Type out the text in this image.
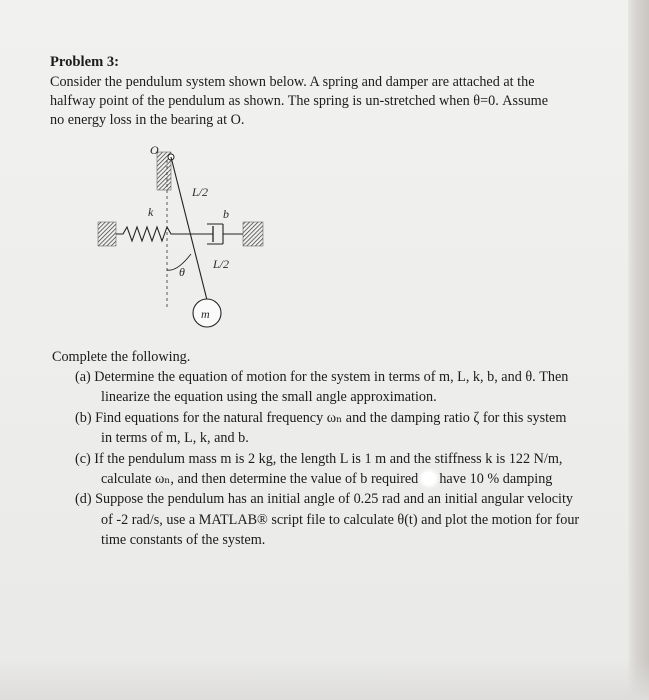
Problem 3:
Consider the pendulum system shown below. A spring and damper are attached at the
halfway point of the pendulum as shown. The spring is un-stretched when θ=0. Assume
no energy loss in the bearing at O.
O
L/2
L/2
k	b
θ
m
Complete the following.
(a) Determine the equation of motion for the system in terms of m, L, k, b, and θ. Then
linearize the equation using the small angle approximation.
(b) Find equations for the natural frequency ωₙ and the damping ratio ζ for this system
in terms of m, L, k, and b.
(c) If the pendulum mass m is 2 kg, the length L is 1 m and the stiffness k is 122 N/m,
calculate ωₙ, and then determine the value of b required have 10 % damping
(d) Suppose the pendulum has an initial angle of 0.25 rad and an initial angular velocity
of -2 rad/s, use a MATLAB® script file to calculate θ(t) and plot the motion for four
time constants of the system.
